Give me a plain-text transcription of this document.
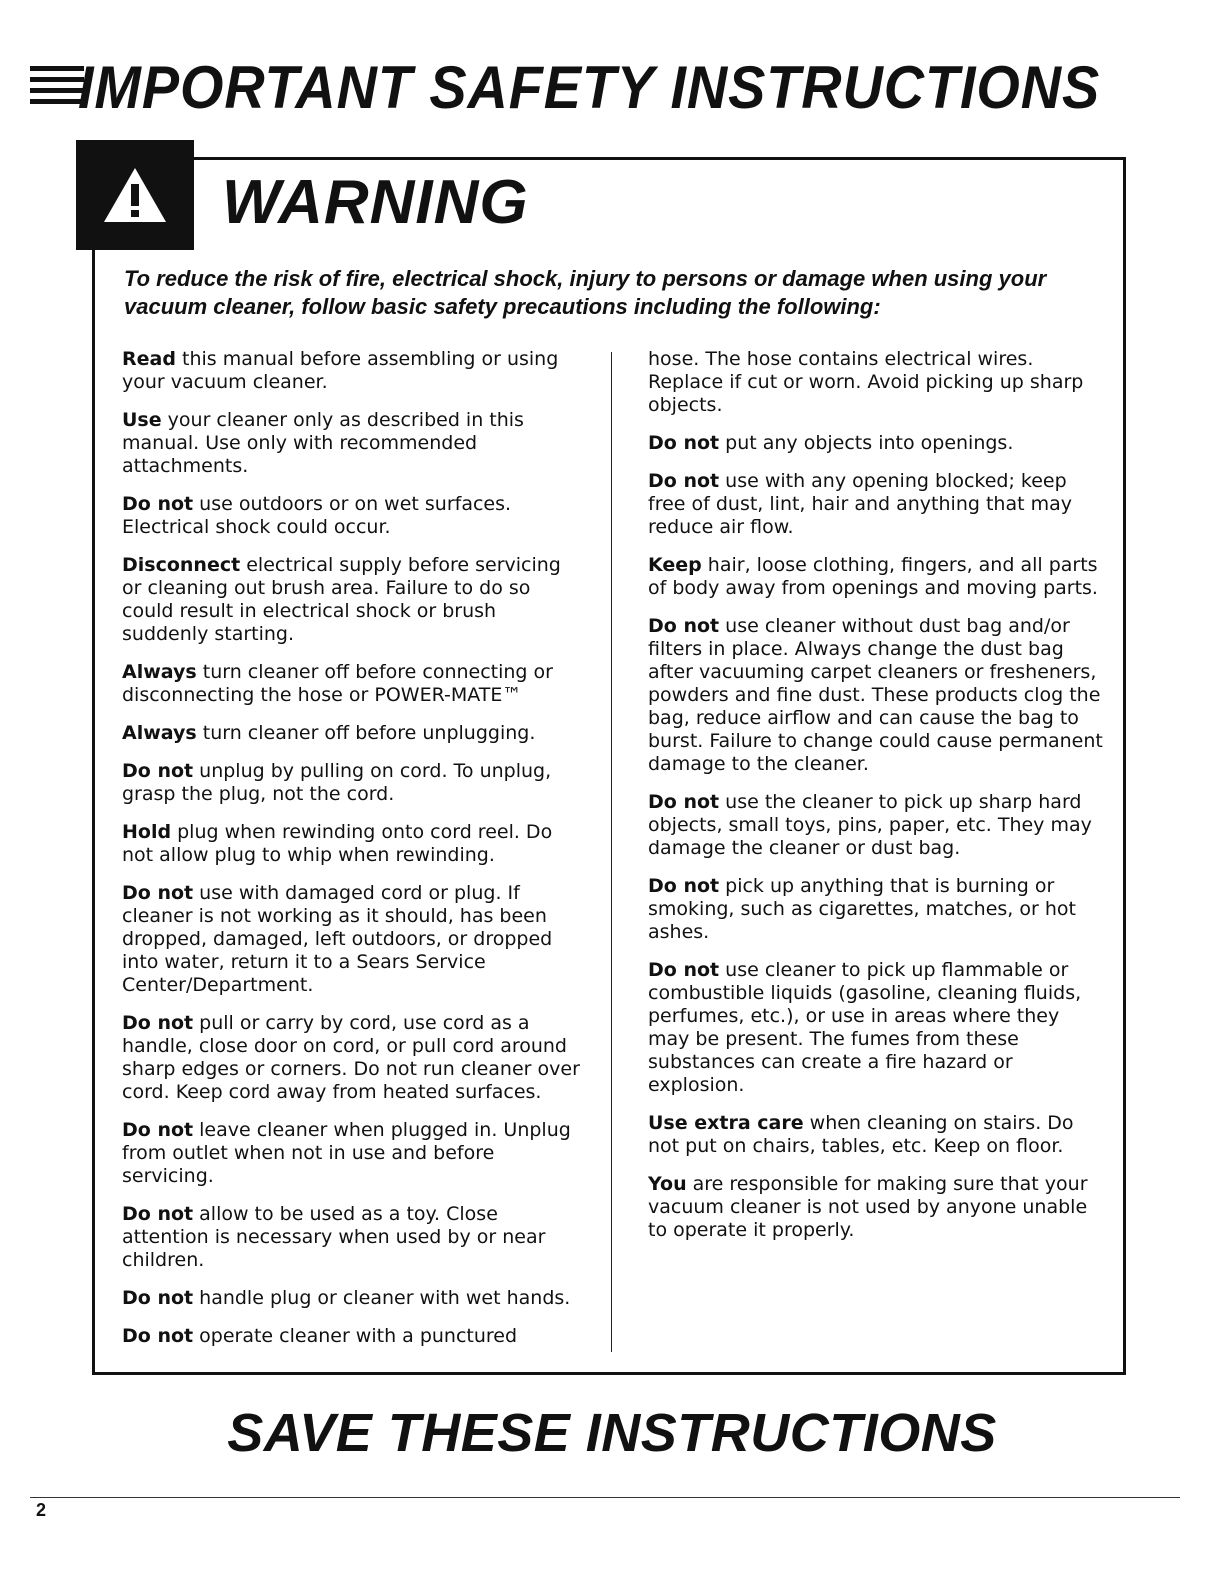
IMPORTANT SAFETY INSTRUCTIONS
WARNING

To reduce the risk of fire, electrical shock, injury to persons or damage when using your vacuum cleaner, follow basic safety precautions including the following:

Read this manual before assembling or using your vacuum cleaner.

Use your cleaner only as described in this manual. Use only with recommended attachments.

Do not use outdoors or on wet surfaces. Electrical shock could occur.

Disconnect electrical supply before servicing or cleaning out brush area. Failure to do so could result in electrical shock or brush suddenly starting.

Always turn cleaner off before connecting or disconnecting the hose or POWER-MATE™

Always turn cleaner off before unplugging.

Do not unplug by pulling on cord. To unplug, grasp the plug, not the cord.

Hold plug when rewinding onto cord reel. Do not allow plug to whip when rewinding.

Do not use with damaged cord or plug. If cleaner is not working as it should, has been dropped, damaged, left outdoors, or dropped into water, return it to a Sears Service Center/Department.

Do not pull or carry by cord, use cord as a handle, close door on cord, or pull cord around sharp edges or corners. Do not run cleaner over cord. Keep cord away from heated surfaces.

Do not leave cleaner when plugged in. Unplug from outlet when not in use and before servicing.

Do not allow to be used as a toy. Close attention is necessary when used by or near children.

Do not handle plug or cleaner with wet hands.

Do not operate cleaner with a punctured

hose. The hose contains electrical wires. Replace if cut or worn. Avoid picking up sharp objects.

Do not put any objects into openings.

Do not use with any opening blocked; keep free of dust, lint, hair and anything that may reduce air flow.

Keep hair, loose clothing, fingers, and all parts of body away from openings and moving parts.

Do not use cleaner without dust bag and/or filters in place. Always change the dust bag after vacuuming carpet cleaners or fresheners, powders and fine dust. These products clog the bag, reduce airflow and can cause the bag to burst. Failure to change could cause permanent damage to the cleaner.

Do not use the cleaner to pick up sharp hard objects, small toys, pins, paper, etc. They may damage the cleaner or dust bag.

Do not pick up anything that is burning or smoking, such as cigarettes, matches, or hot ashes.

Do not use cleaner to pick up flammable or combustible liquids (gasoline, cleaning fluids, perfumes, etc.), or use in areas where they may be present. The fumes from these substances can create a fire hazard or explosion.

Use extra care when cleaning on stairs. Do not put on chairs, tables, etc. Keep on floor.

You are responsible for making sure that your vacuum cleaner is not used by anyone unable to operate it properly.

SAVE THESE INSTRUCTIONS
2
